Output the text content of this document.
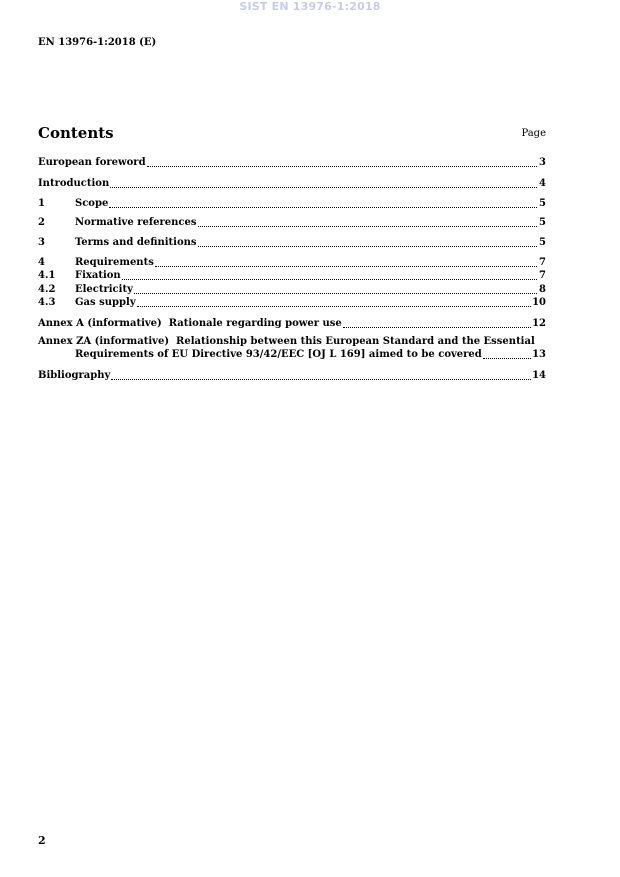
SIST EN 13976-1:2018
EN 13976-1:2018 (E)
Contents	Page
European foreword	3
Introduction	4
1	Scope	5
2	Normative references	5
3	Terms and definitions	5
4	Requirements	7
4.1	Fixation	7
4.2	Electricity	8
4.3	Gas supply	10
Annex A (informative)  Rationale regarding power use	12
Annex ZA (informative)  Relationship between this European Standard and the Essential
Requirements of EU Directive 93/42/EEC [OJ L 169] aimed to be covered	13
Bibliography	14
2
